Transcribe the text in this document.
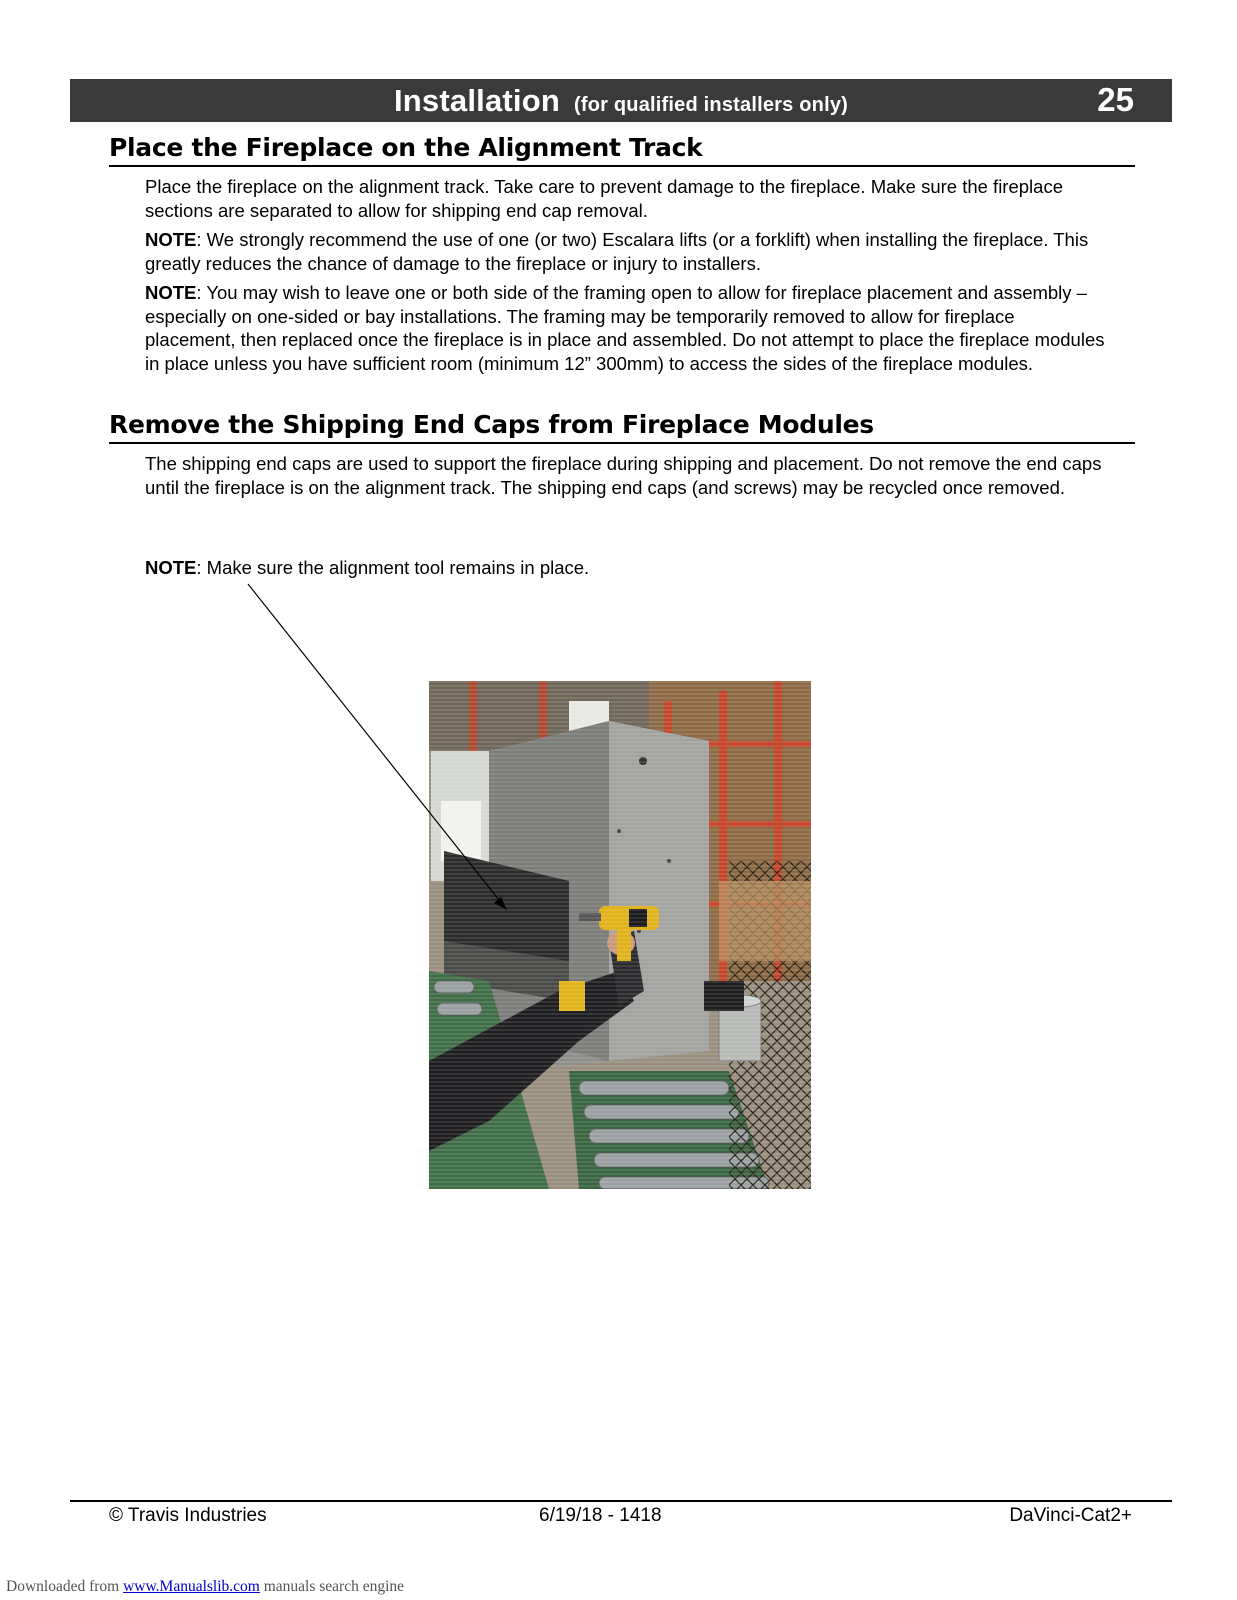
Installation (for qualified installers only)	25
Place the Fireplace on the Alignment Track

Place the fireplace on the alignment track. Take care to prevent damage to the fireplace. Make sure the fireplace sections are separated to allow for shipping end cap removal.

NOTE: We strongly recommend the use of one (or two) Escalara lifts (or a forklift) when installing the fireplace. This greatly reduces the chance of damage to the fireplace or injury to installers.

NOTE: You may wish to leave one or both side of the framing open to allow for fireplace placement and assembly – especially on one-sided or bay installations. The framing may be temporarily removed to allow for fireplace placement, then replaced once the fireplace is in place and assembled. Do not attempt to place the fireplace modules in place unless you have sufficient room (minimum 12” 300mm) to access the sides of the fireplace modules.

Remove the Shipping End Caps from Fireplace Modules

The shipping end caps are used to support the fireplace during shipping and placement. Do not remove the end caps until the fireplace is on the alignment track. The shipping end caps (and screws) may be recycled once removed.

NOTE: Make sure the alignment tool remains in place.

© Travis Industries	6/19/18 - 1418	DaVinci-Cat2+
Downloaded from www.Manualslib.com manuals search engine
